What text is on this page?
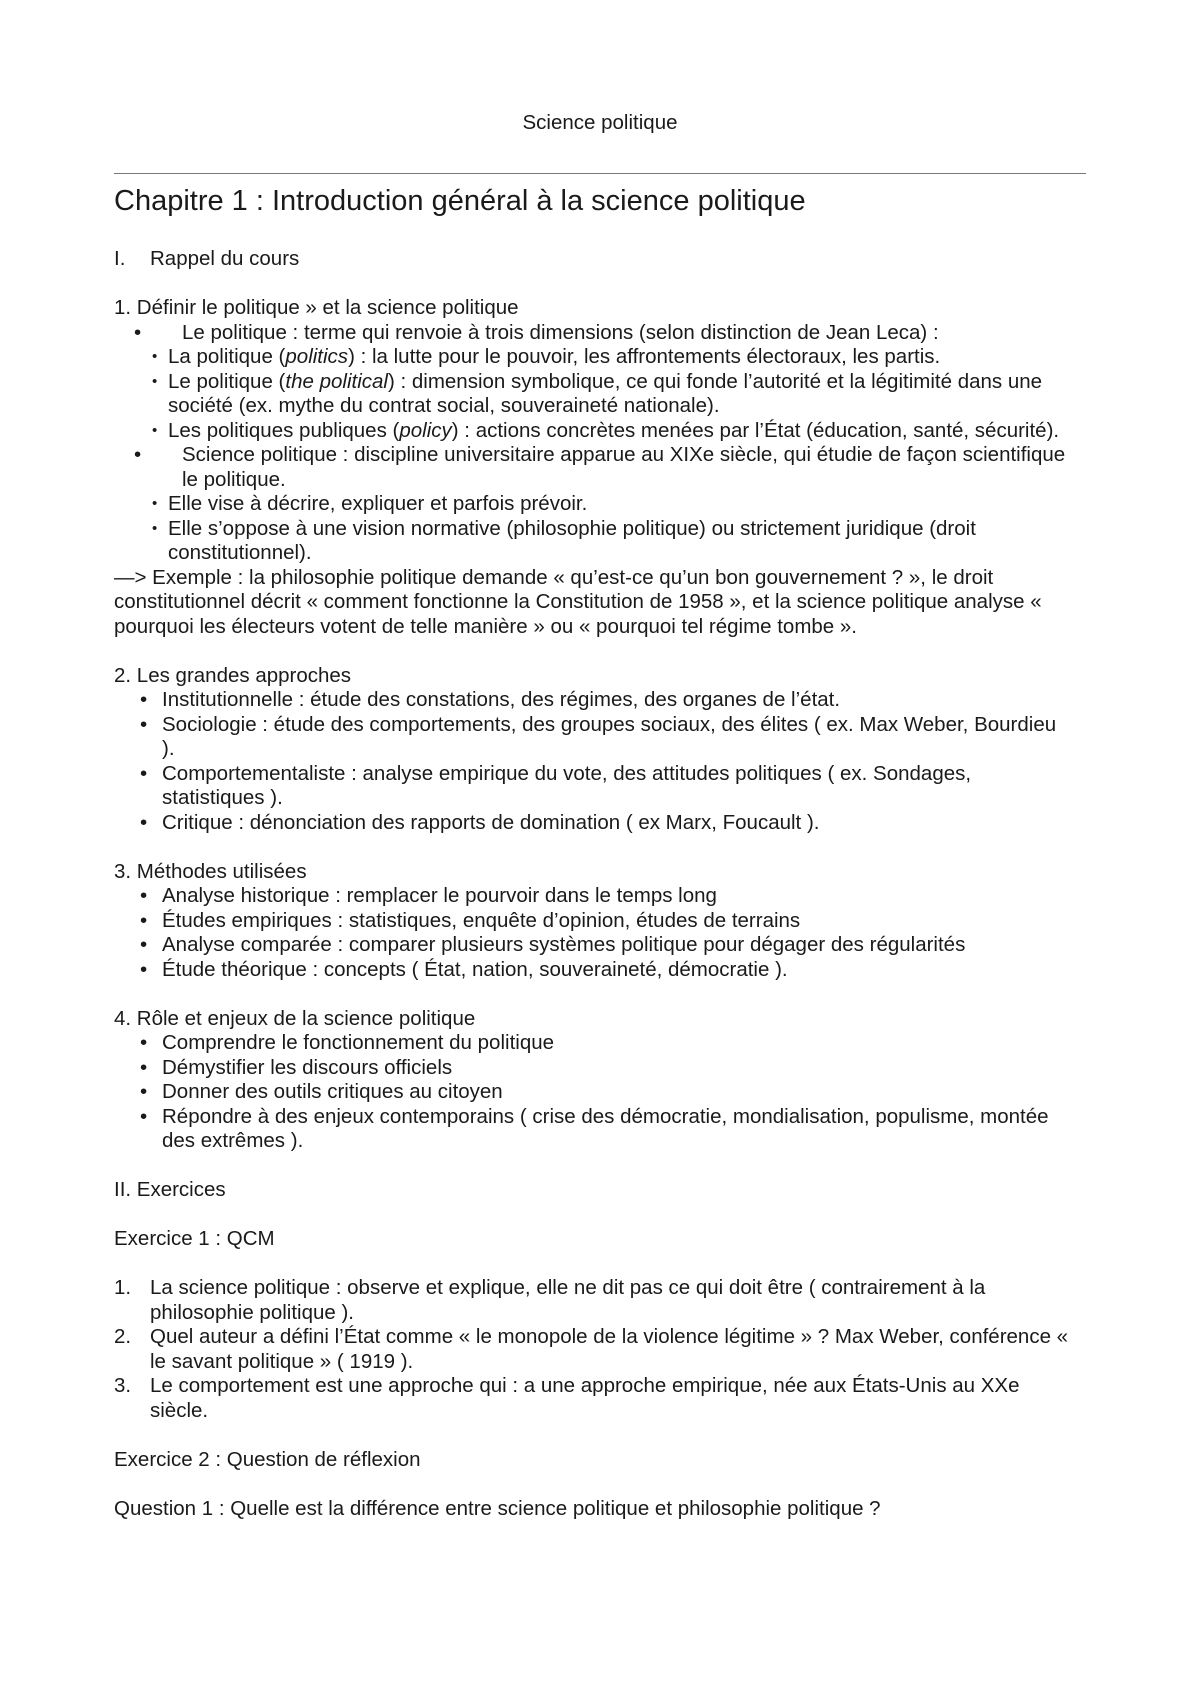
Science politique
Chapitre 1 : Introduction général à la science politique
I. Rappel du cours
1. Définir le politique » et la science politique
• Le politique : terme qui renvoie à trois dimensions (selon distinction de Jean Leca) :
• La politique (politics) : la lutte pour le pouvoir, les affrontements électoraux, les partis.
• Le politique (the political) : dimension symbolique, ce qui fonde l’autorité et la légitimité dans une société (ex. mythe du contrat social, souveraineté nationale).
• Les politiques publiques (policy) : actions concrètes menées par l’État (éducation, santé, sécurité).
• Science politique : discipline universitaire apparue au XIXe siècle, qui étudie de façon scientifique le politique.
• Elle vise à décrire, expliquer et parfois prévoir.
• Elle s’oppose à une vision normative (philosophie politique) ou strictement juridique (droit constitutionnel).
—> Exemple : la philosophie politique demande « qu’est-ce qu’un bon gouvernement ? », le droit constitutionnel décrit « comment fonctionne la Constitution de 1958 », et la science politique analyse « pourquoi les électeurs votent de telle manière » ou « pourquoi tel régime tombe ».
2. Les grandes approches
• Institutionnelle : étude des constations, des régimes, des organes de l’état.
• Sociologie : étude des comportements, des groupes sociaux, des élites ( ex. Max Weber, Bourdieu ).
• Comportementaliste : analyse empirique du vote, des attitudes politiques ( ex. Sondages, statistiques ).
• Critique : dénonciation des rapports de domination ( ex Marx, Foucault ).
3. Méthodes utilisées
• Analyse historique : remplacer le pourvoir dans le temps long
• Études empiriques : statistiques, enquête d’opinion, études de terrains
• Analyse comparée : comparer plusieurs systèmes politique pour dégager des régularités
• Étude théorique : concepts ( État, nation, souveraineté, démocratie ).
4. Rôle et enjeux de la science politique
• Comprendre le fonctionnement du politique
• Démystifier les discours officiels
• Donner des outils critiques au citoyen
• Répondre à des enjeux contemporains ( crise des démocratie, mondialisation, populisme, montée des extrêmes ).
II. Exercices
Exercice 1 : QCM
1. La science politique : observe et explique, elle ne dit pas ce qui doit être ( contrairement à la philosophie politique ).
2. Quel auteur a défini l’État comme « le monopole de la violence légitime » ? Max Weber, conférence « le savant politique » ( 1919 ).
3. Le comportement est une approche qui : a une approche empirique, née aux États-Unis au XXe siècle.
Exercice 2 : Question de réflexion
Question 1 : Quelle est la différence entre science politique et philosophie politique ?
